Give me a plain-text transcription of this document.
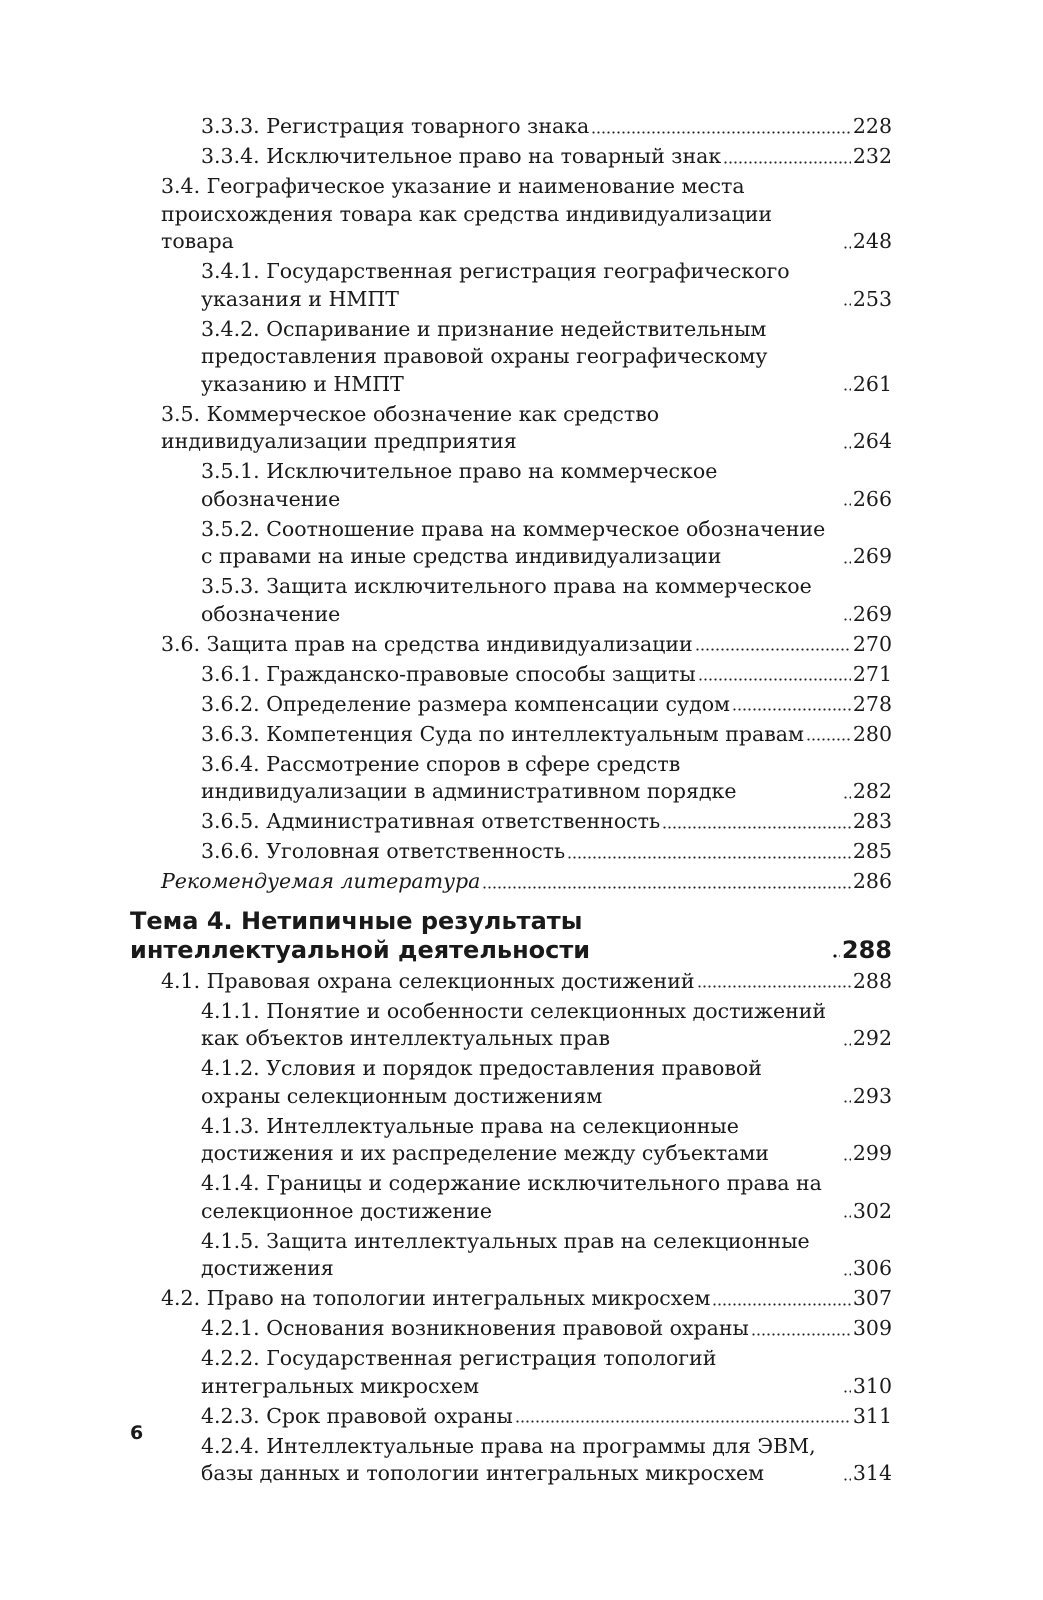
3.3.3. Регистрация товарного знака	228
3.3.4. Исключительное право на товарный знак	232
3.4. Географическое указание и наименование места происхождения товара как средства индивидуализации товара	248
3.4.1. Государственная регистрация географического указания и НМПТ	253
3.4.2. Оспаривание и признание недействительным предоставления правовой охраны географическому указанию и НМПТ	261
3.5. Коммерческое обозначение как средство индивидуализации предприятия	264
3.5.1. Исключительное право на коммерческое обозначение	266
3.5.2. Соотношение права на коммерческое обозначение с правами на иные средства индивидуализации	269
3.5.3. Защита исключительного права на коммерческое обозначение	269
3.6. Защита прав на средства индивидуализации	270
3.6.1. Гражданско-правовые способы защиты	271
3.6.2. Определение размера компенсации судом	278
3.6.3. Компетенция Суда по интеллектуальным правам 280
3.6.4. Рассмотрение споров в сфере средств индивидуализации в административном порядке	282
3.6.5. Административная ответственность	283
3.6.6. Уголовная ответственность	285
Рекомендуемая литература	286
Тема 4. Нетипичные результаты интеллектуальной деятельности	288
4.1. Правовая охрана селекционных достижений	288
4.1.1. Понятие и особенности селекционных достижений как объектов интеллектуальных прав	292
4.1.2. Условия и порядок предоставления правовой охраны селекционным достижениям	293
4.1.3. Интеллектуальные права на селекционные достижения и их распределение между субъектами	299
4.1.4. Границы и содержание исключительного права на селекционное достижение	302
4.1.5. Защита интеллектуальных прав на селекционные достижения	306
4.2. Право на топологии интегральных микросхем	307
4.2.1. Основания возникновения правовой охраны	309
4.2.2. Государственная регистрация топологий интегральных микросхем	310
4.2.3. Срок правовой охраны	311
4.2.4. Интеллектуальные права на программы для ЭВМ, базы данных и топологии интегральных микросхем	314
6
